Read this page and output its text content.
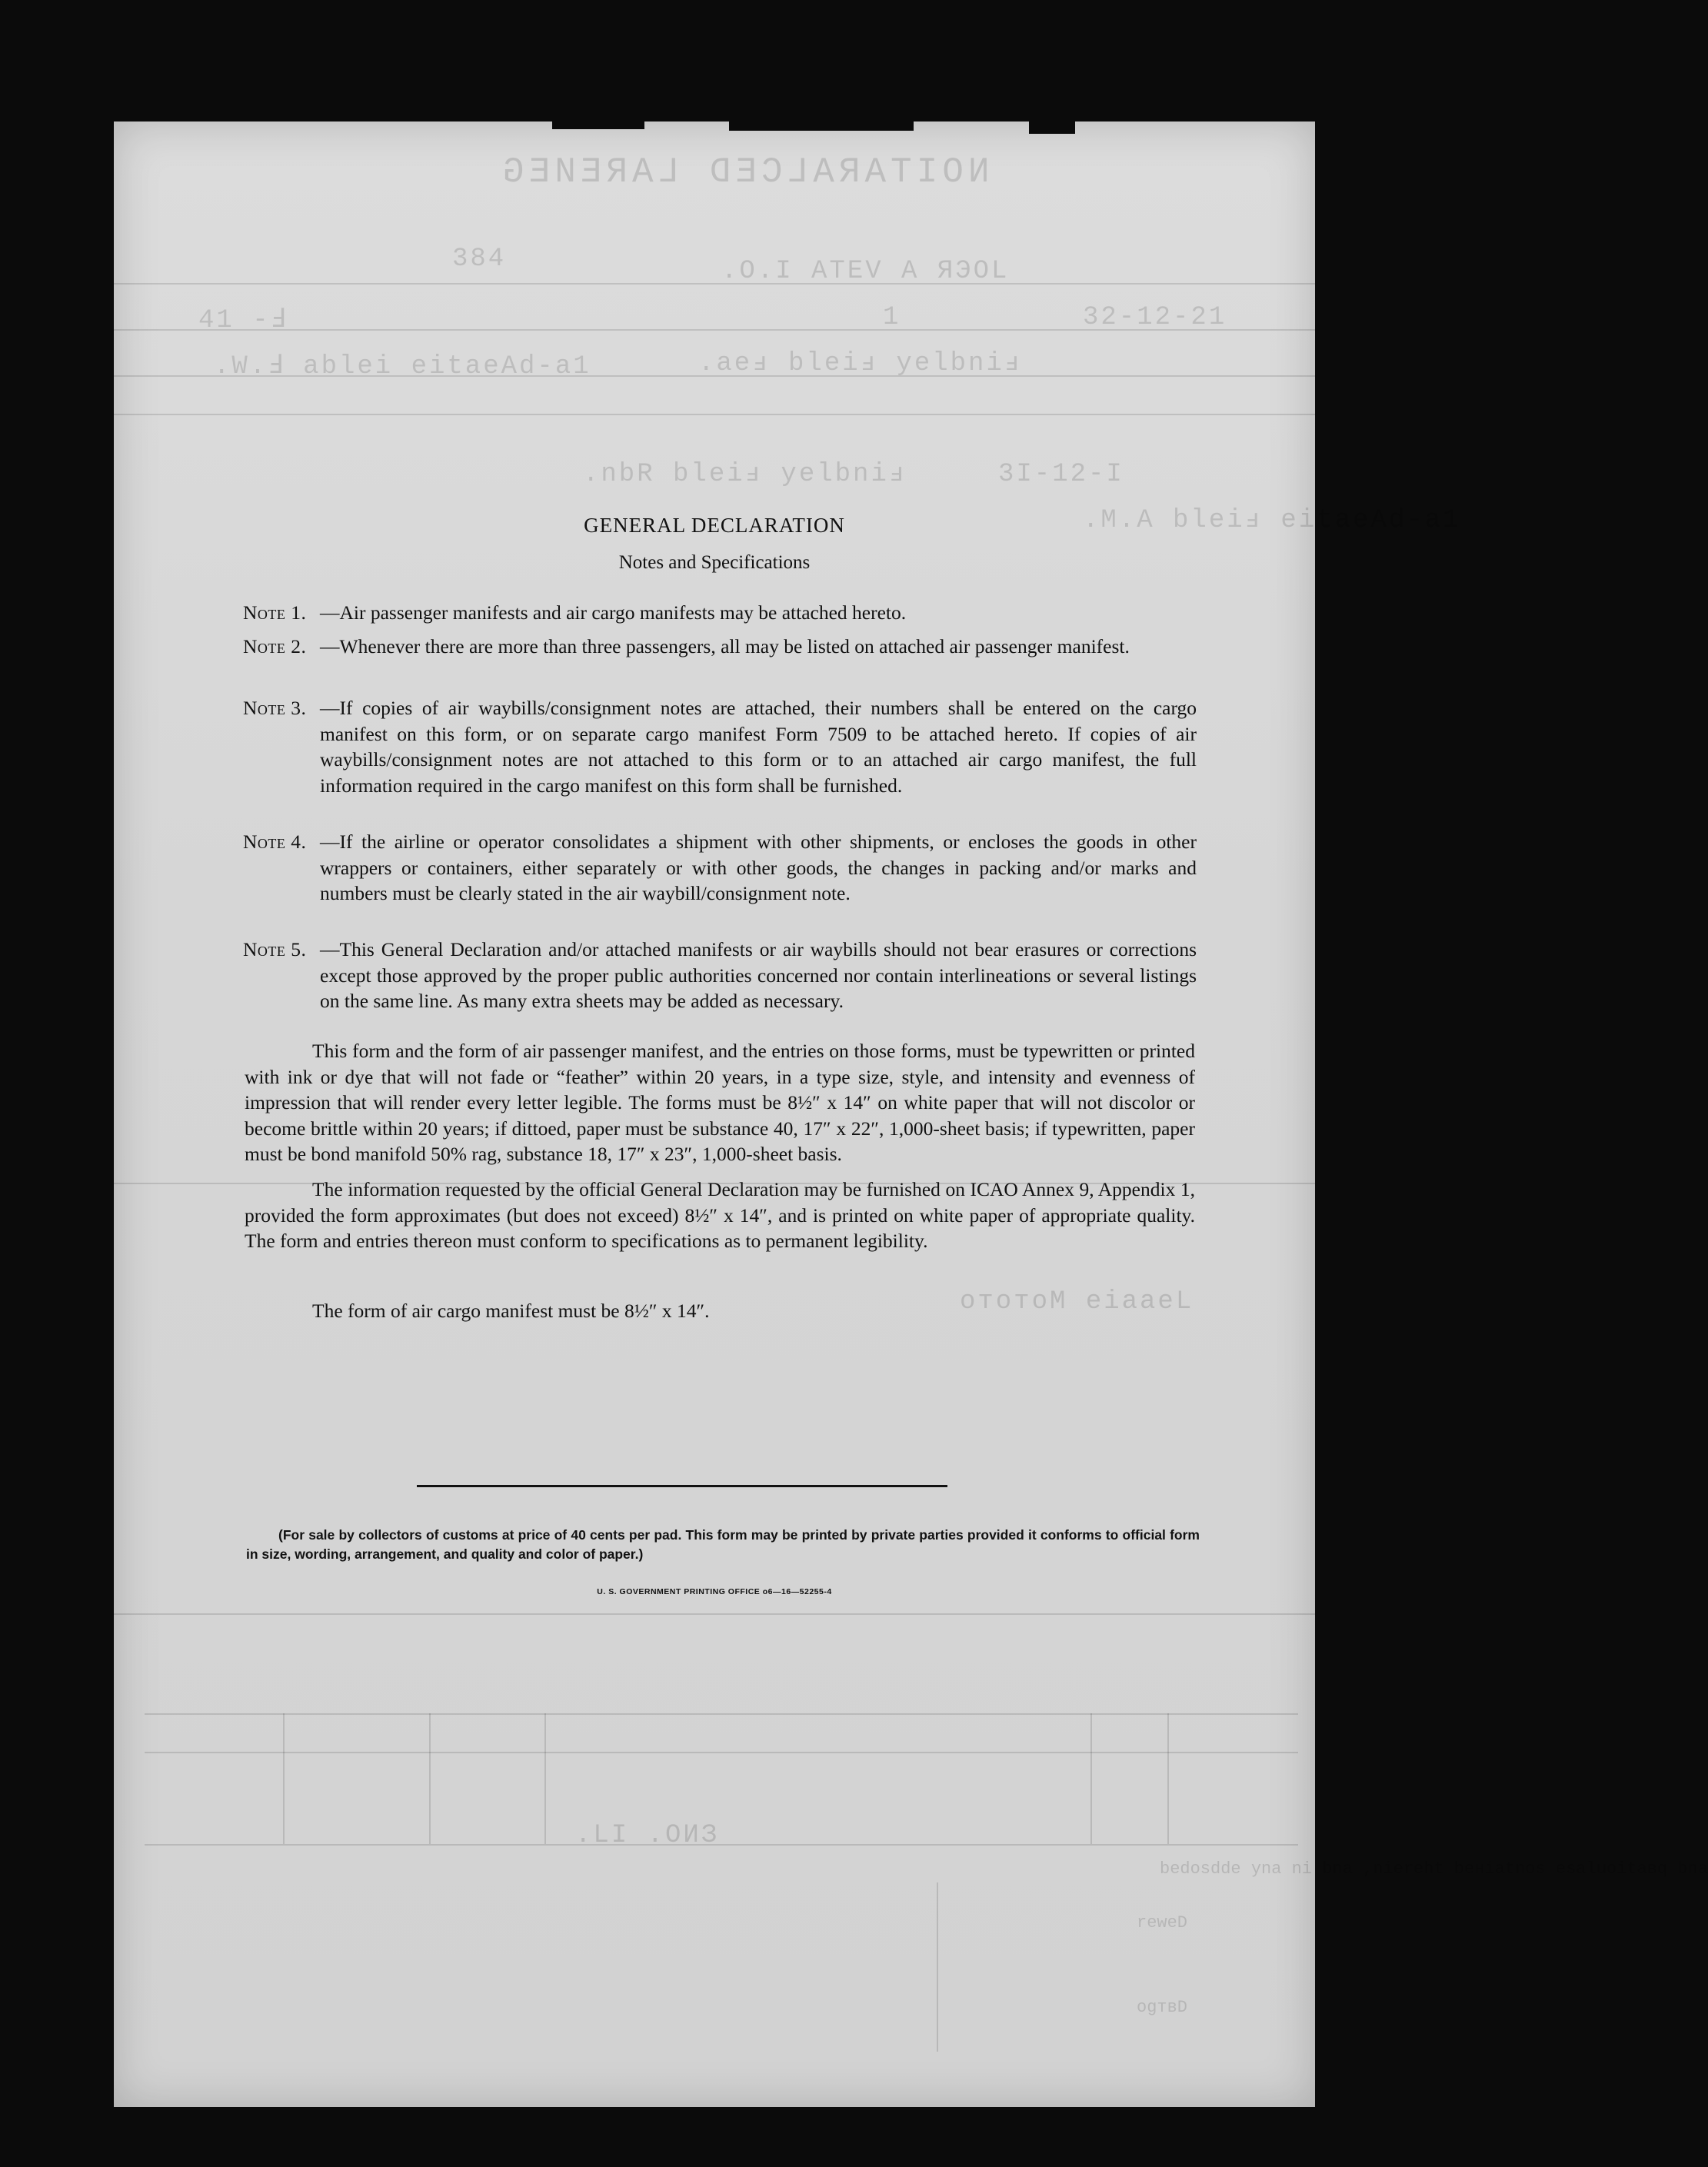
NOITARALCED LAREИEG
384	.O.I ATEV A ЯЭOL
41 -Ⅎ	1	32-12-21
.W.Ⅎ ablei eitaeAd-a1	.aeⅎ bleiⅎ yelbniⅎ
.nbR bleiⅎ yelbniⅎ	3I-12-I
.M.A bleiⅎ eitaeAd-a1
oтoтoΜ eiaaeL
.LI .ОИЗ
bedosdde ynа ni bna ,niereht bенiatnos esaluoitaвq bna
reweD
ogтвD
GENERAL DECLARATION
Notes and Specifications
Note 1. —Air passenger manifests and air cargo manifests may be attached hereto.
Note 2. —Whenever there are more than three passengers, all may be listed on attached air passenger manifest.
Note 3. —If copies of air waybills/consignment notes are attached, their numbers shall be entered on the cargo manifest on this form, or on separate cargo manifest Form 7509 to be attached hereto. If copies of air waybills/consignment notes are not attached to this form or to an attached air cargo manifest, the full information required in the cargo manifest on this form shall be furnished.
Note 4. —If the airline or operator consolidates a shipment with other shipments, or encloses the goods in other wrappers or containers, either separately or with other goods, the changes in packing and/or marks and numbers must be clearly stated in the air waybill/consignment note.
Note 5. —This General Declaration and/or attached manifests or air waybills should not bear erasures or corrections except those approved by the proper public authorities concerned nor contain interlineations or several listings on the same line. As many extra sheets may be added as necessary.
This form and the form of air passenger manifest, and the entries on those forms, must be typewritten or printed with ink or dye that will not fade or “feather” within 20 years, in a type size, style, and intensity and evenness of impression that will render every letter legible. The forms must be 8½″ x 14″ on white paper that will not discolor or become brittle within 20 years; if dittoed, paper must be substance 40, 17″ x 22″, 1,000-sheet basis; if typewritten, paper must be bond manifold 50% rag, substance 18, 17″ x 23″, 1,000-sheet basis.
The information requested by the official General Declaration may be furnished on ICAO Annex 9, Appendix 1, provided the form approximates (but does not exceed) 8½″ x 14″, and is printed on white paper of appropriate quality. The form and entries thereon must conform to specifications as to permanent legibility.
The form of air cargo manifest must be 8½″ x 14″.
(For sale by collectors of customs at price of 40 cents per pad. This form may be printed by private parties provided it conforms to official form in size, wording, arrangement, and quality and color of paper.)
U. S. GOVERNMENT PRINTING OFFICE o6—16—52255-4
